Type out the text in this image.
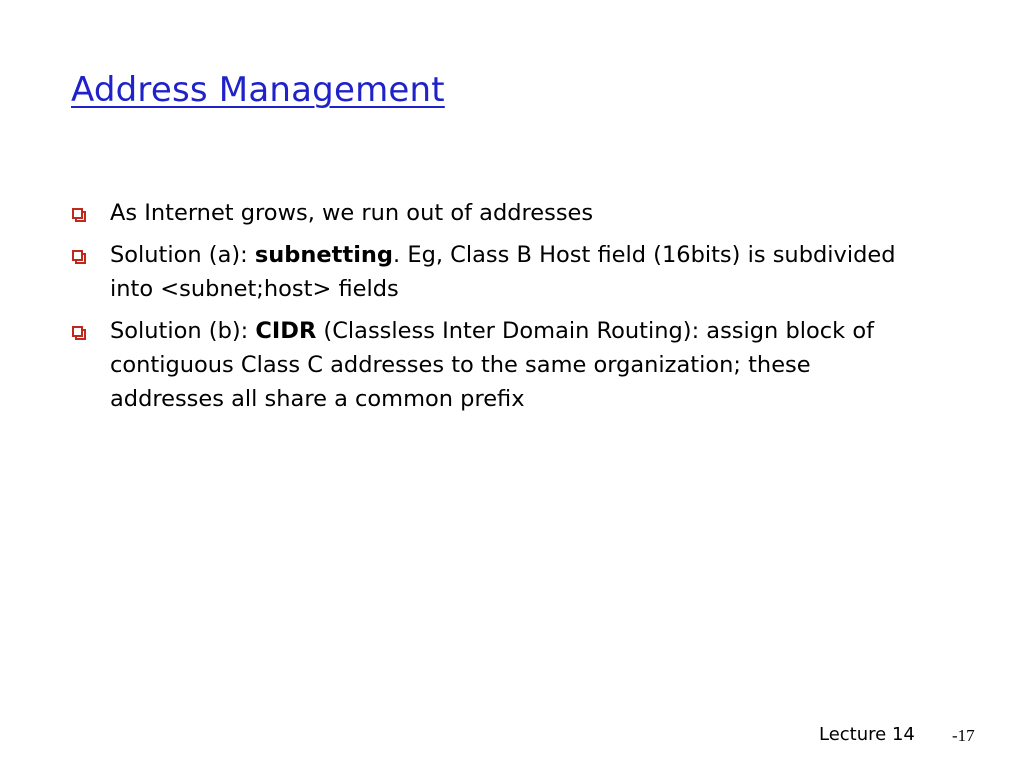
Address Management
As Internet grows, we run out of addresses
Solution (a): subnetting. Eg, Class B Host field (16bits) is subdivided into <subnet;host> fields
Solution (b): CIDR (Classless Inter Domain Routing): assign block of contiguous Class C addresses to the same organization; these addresses all share a common prefix
Lecture 14 -17
